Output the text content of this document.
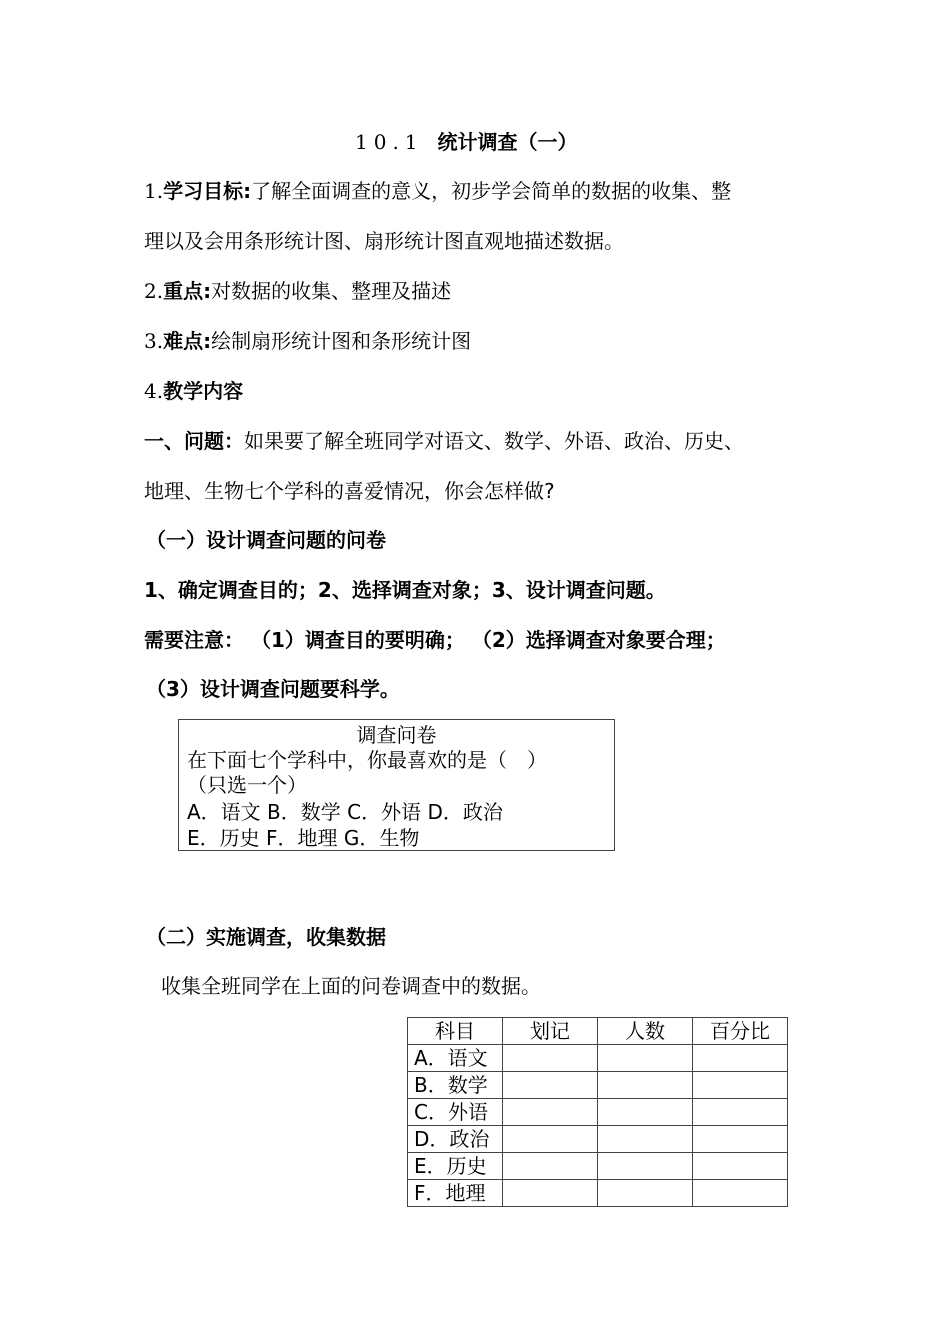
10.1 统计调查（一）
1.学习目标:了解全面调查的意义，初步学会简单的数据的收集、整
理以及会用条形统计图、扇形统计图直观地描述数据。
2.重点:对数据的收集、整理及描述
3.难点:绘制扇形统计图和条形统计图
4.教学内容
一、问题：如果要了解全班同学对语文、数学、外语、政治、历史、
地理、生物七个学科的喜爱情况，你会怎样做?
（一）设计调查问题的问卷
1、确定调查目的；2、选择调查对象；3、设计调查问题。
需要注意： （1）调查目的要明确； （2）选择调查对象要合理；
（3）设计调查问题要科学。
调查问卷
在下面七个学科中，你最喜欢的是（　）
（只选一个）
A．语文 B．数学 C．外语 D．政治
E．历史 F．地理 G．生物
（二）实施调查，收集数据
收集全班同学在上面的问卷调查中的数据。
科目	划记	人数	百分比
A．语文			
B．数学			
C．外语			
D．政治			
E．历史			
F．地理			
